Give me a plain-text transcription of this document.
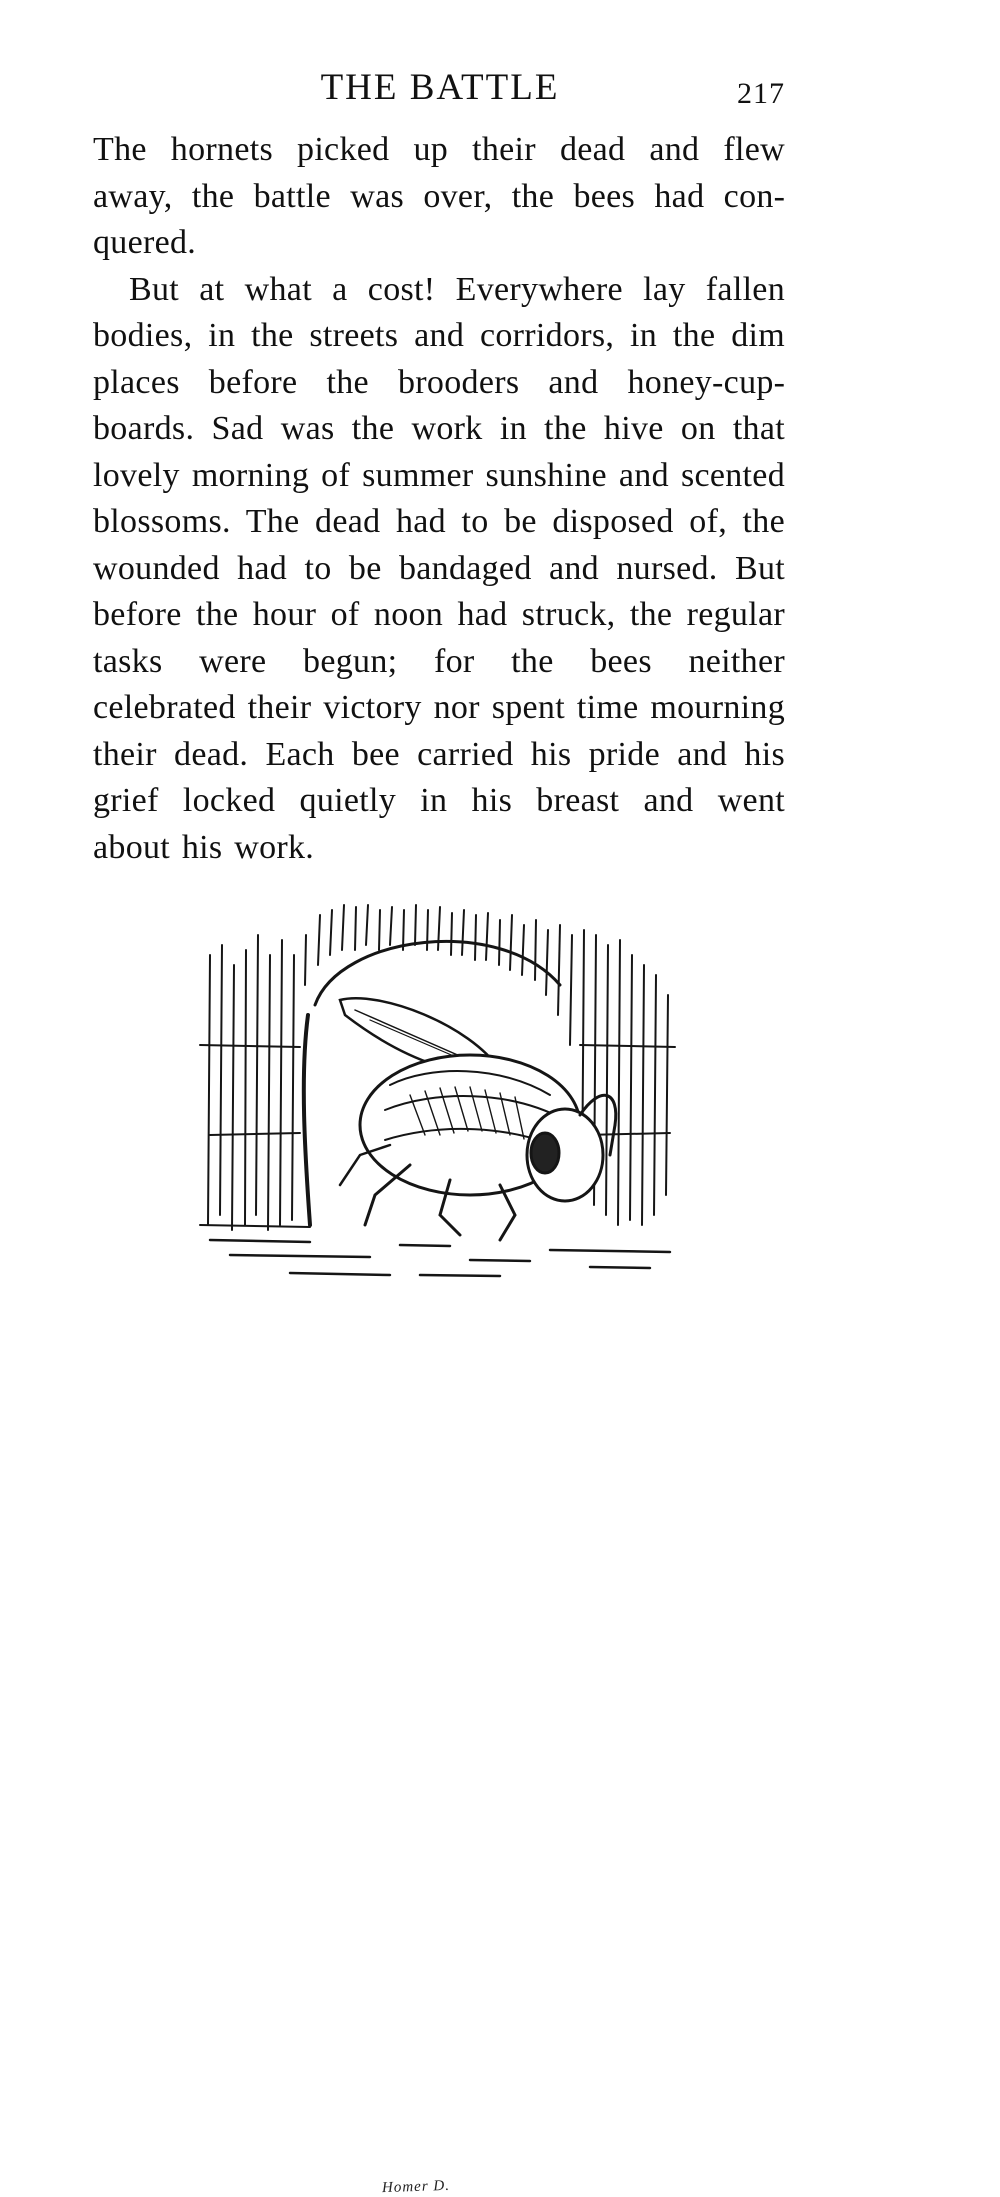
THE BATTLE	217

The hornets picked up their dead and flew away, the battle was over, the bees had conquered.

But at what a cost! Everywhere lay fallen bodies, in the streets and corridors, in the dim places before the brooders and honey-cupboards. Sad was the work in the hive on that lovely morning of summer sunshine and scented blossoms. The dead had to be disposed of, the wounded had to be bandaged and nursed. But before the hour of noon had struck, the regular tasks were begun; for the bees neither celebrated their victory nor spent time mourning their dead. Each bee carried his pride and his grief locked quietly in his breast and went about his work.

Homer D.
